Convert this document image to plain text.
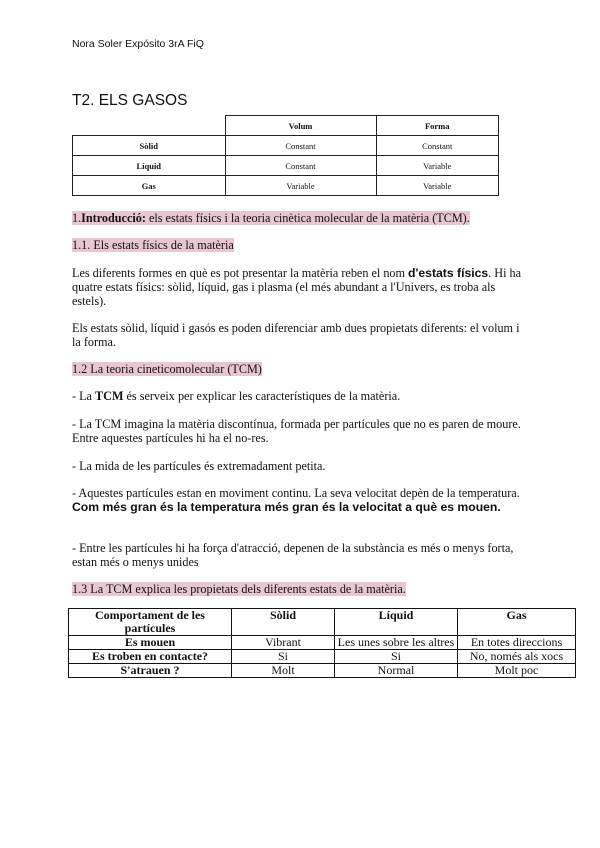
Nora Soler Expósito 3rA FiQ
T2. ELS GASOS
	Volum	Forma
Sòlid	Constant	Constant
Líquid	Constant	Variable
Gas	Variable	Variable
1.Introducció: els estats físics i la teoria cinètica molecular de la matèria (TCM).
1.1. Els estats físics de la matèria
Les diferents formes en què es pot presentar la matèria reben el nom d'estats físics. Hi ha quatre estats físics: sòlid, líquid, gas i plasma (el més abundant a l'Univers, es troba als estels).
Els estats sòlid, líquid i gasós es poden diferenciar amb dues propietats diferents: el volum i la forma.
1.2 La teoria cineticomolecular (TCM)
- La TCM és serveix per explicar les característiques de la matèria.
- La TCM imagina la matèria discontínua, formada per partícules que no es paren de moure. Entre aquestes partícules hi ha el no-res.
- La mida de les partícules és extremadament petita.
- Aquestes partícules estan en moviment continu. La seva velocitat depèn de la temperatura. Com més gran és la temperatura més gran és la velocitat a què es mouen.
- Entre les partícules hi ha força d'atracció, depenen de la substància es més o menys forta, estan més o menys unides
1.3 La TCM explica les propietats dels diferents estats de la matèria.
Comportament de les partícules	Sòlid	Líquid	Gas
Es mouen	Vibrant	Les unes sobre les altres	En totes direccions
Es troben en contacte?	Si	Si	No, només als xocs
S'atrauen ?	Molt	Normal	Molt poc
